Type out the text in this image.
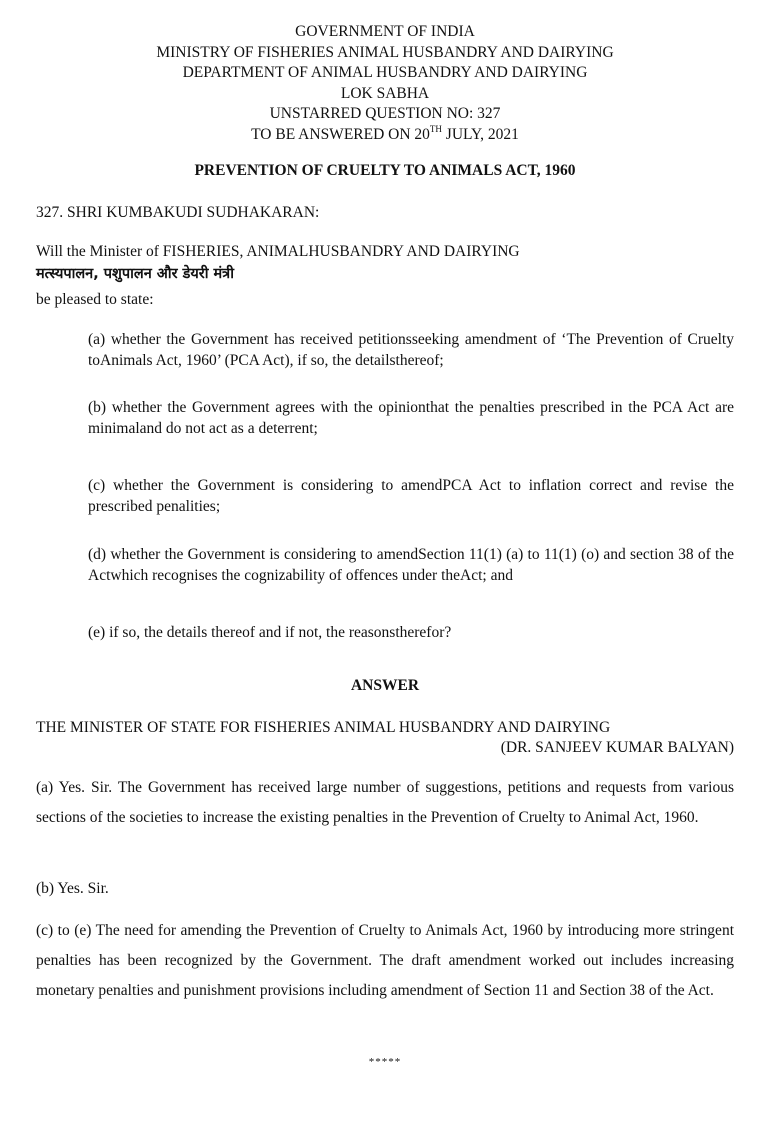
GOVERNMENT OF INDIA
MINISTRY OF FISHERIES ANIMAL HUSBANDRY AND DAIRYING
DEPARTMENT OF ANIMAL HUSBANDRY AND DAIRYING
LOK SABHA
UNSTARRED QUESTION NO: 327
TO BE ANSWERED ON 20TH JULY, 2021
PREVENTION OF CRUELTY TO ANIMALS ACT, 1960
327. SHRI KUMBAKUDI SUDHAKARAN:
Will the Minister of FISHERIES, ANIMALHUSBANDRY AND DAIRYING
मत्स्यपालन, पशुपालन और डेयरी मंत्री
be pleased to state:
(a) whether the Government has received petitionsseeking amendment of ‘The Prevention of Cruelty toAnimals Act, 1960’ (PCA Act), if so, the detailsthereof;
(b) whether the Government agrees with the opinionthat the penalties prescribed in the PCA Act are minimaland do not act as a deterrent;
(c) whether the Government is considering to amendPCA Act to inflation correct and revise the prescribed penalities;
(d) whether the Government is considering to amendSection 11(1) (a) to 11(1) (o) and section 38 of the Actwhich recognises the cognizability of offences under theAct; and
(e) if so, the details thereof and if not, the reasonstherefor?
ANSWER
THE MINISTER OF STATE FOR FISHERIES ANIMAL HUSBANDRY AND DAIRYING
(DR. SANJEEV KUMAR BALYAN)
(a) Yes. Sir. The Government has received large number of suggestions, petitions and requests from various sections of the societies to increase the existing penalties in the Prevention of Cruelty to Animal Act, 1960.
(b) Yes. Sir.
(c) to (e) The need for amending the Prevention of Cruelty to Animals Act, 1960 by introducing more stringent penalties has been recognized by the Government. The draft amendment worked out includes increasing monetary penalties and punishment provisions including amendment of Section 11 and Section 38 of the Act.
*****
